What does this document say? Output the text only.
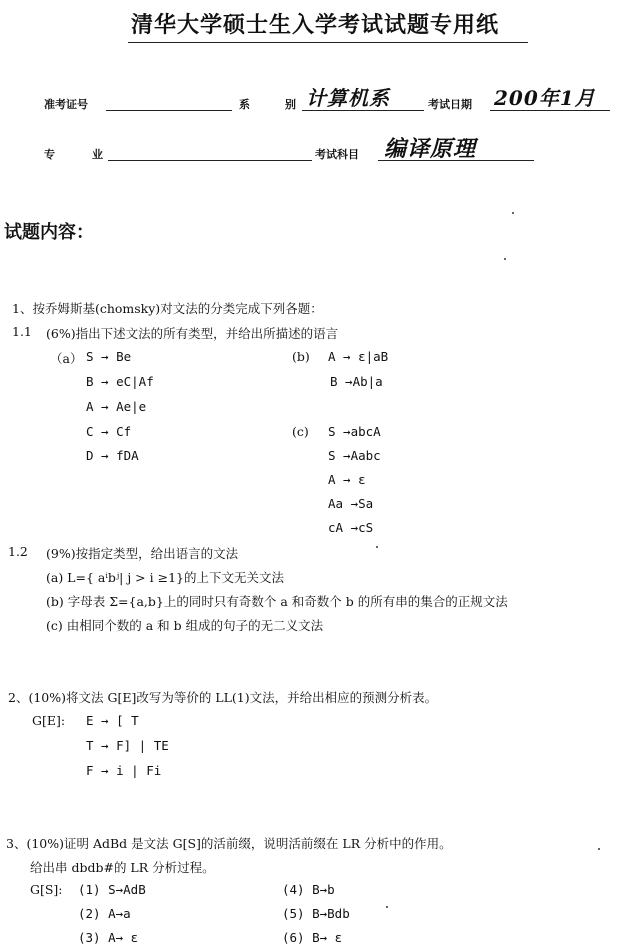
清华大学硕士生入学考试试题专用纸
准考证号	系	别 计算机系	考试日期 200年1月
专	业	考试科目 编译原理
试题内容：
1、按乔姆斯基(chomsky)对文法的分类完成下列各题：
1.1 (6%)指出下述文法的所有类型，并给出所描述的语言
（a） S → Be
B → eC|Af
A → Ae|e
C → Cf
D → fDA
(b) A → ε|aB
B →Ab|a
(c) S →abcA
S →Aabc
A → ε
Aa →Sa
cA →cS
1.2 (9%)按指定类型，给出语言的文法
(a) L={ aⁱbʲ| j > i ≥1}的上下文无关文法
(b) 字母表 Σ={a,b}上的同时只有奇数个 a 和奇数个 b 的所有串的集合的正规文法
(c) 由相同个数的 a 和 b 组成的句子的无二义文法
2、(10%)将文法 G[E]改写为等价的 LL(1)文法，并给出相应的预测分析表。
G[E]: E → [ T
T → F] | TE
F → i | Fi
3、(10%)证明 AdBd 是文法 G[S]的活前缀，说明活前缀在 LR 分析中的作用。
给出串 dbdb#的 LR 分析过程。
G[S]: (1) S→AdB
(2) A→a
(3) A→ ε
(4) B→b
(5) B→Bdb
(6) B→ ε
